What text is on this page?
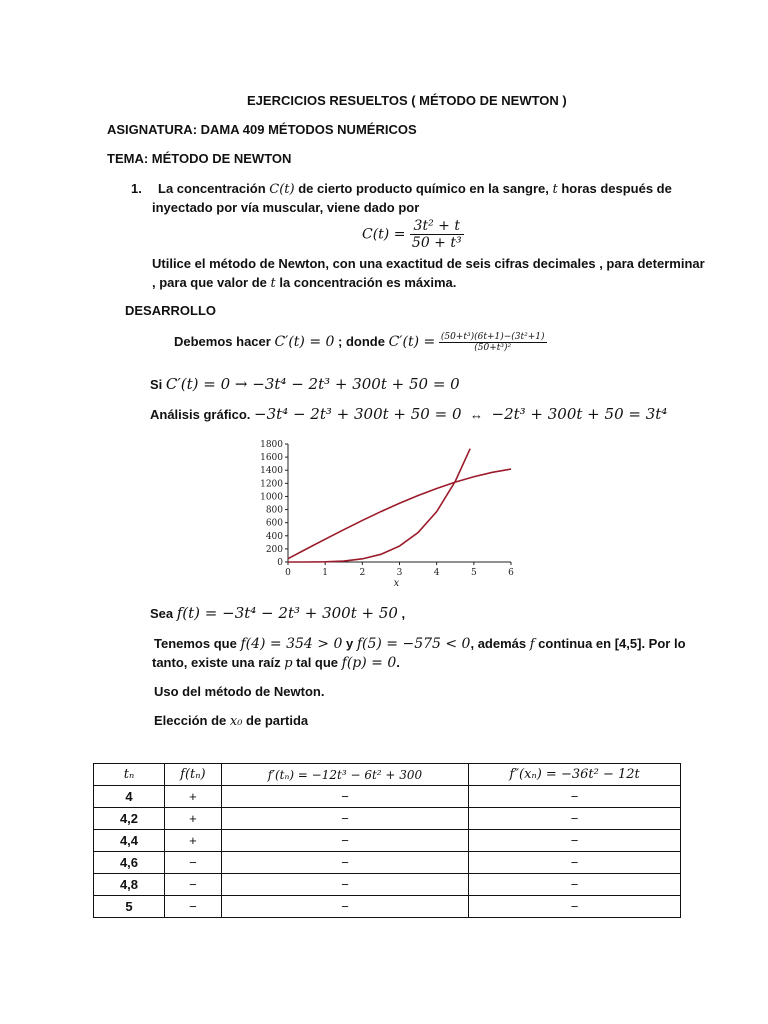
EJERCICIOS RESUELTOS ( MÉTODO DE NEWTON )
ASIGNATURA: DAMA 409 MÉTODOS NUMÉRICOS
TEMA: MÉTODO DE NEWTON
1. La concentración C(t) de cierto producto químico en la sangre, t horas después de
inyectado por vía muscular, viene dado por
$C(t) = \frac{\text{3t² + t}}{\text{50 + t³}}$
Utilice el método de Newton, con una exactitud de seis cifras decimales , para determinar
, para que valor de t la concentración es máxima.
DESARROLLO
Debemos hacer C′(t) = 0 ; donde $C'(t) = \frac{\text{(50+t³)(6t+1)−(3t²+1)}}{\text{(50+t³)²}}$
Si C′(t) = 0 → −3t⁴ − 2t³ + 300t + 50 = 0
Análisis gráfico. −3t⁴ − 2t³ + 300t + 50 = 0 ↔ −2t³ + 300t + 50 = 3t⁴
0	1	2	3	4	5	6
0
200
400
600
800
1000
1200
1400
1600
1800
x
Sea f(t) = −3t⁴ − 2t³ + 300t + 50 ,
Tenemos que f(4) = 354 > 0 y f(5) = −575 < 0, además f continua en [4,5]. Por lo
tanto, existe una raíz p tal que f(p) = 0.
Uso del método de Newton.
Elección de x₀ de partida
tₙ	f(tₙ)	f′(tₙ) = −12t³ − 6t² + 300	f″(xₙ) = −36t² − 12t
4	+	−	−
4,2	+	−	−
4,4	+	−	−
4,6	−	−	−
4,8	−	−	−
5	−	−	−
